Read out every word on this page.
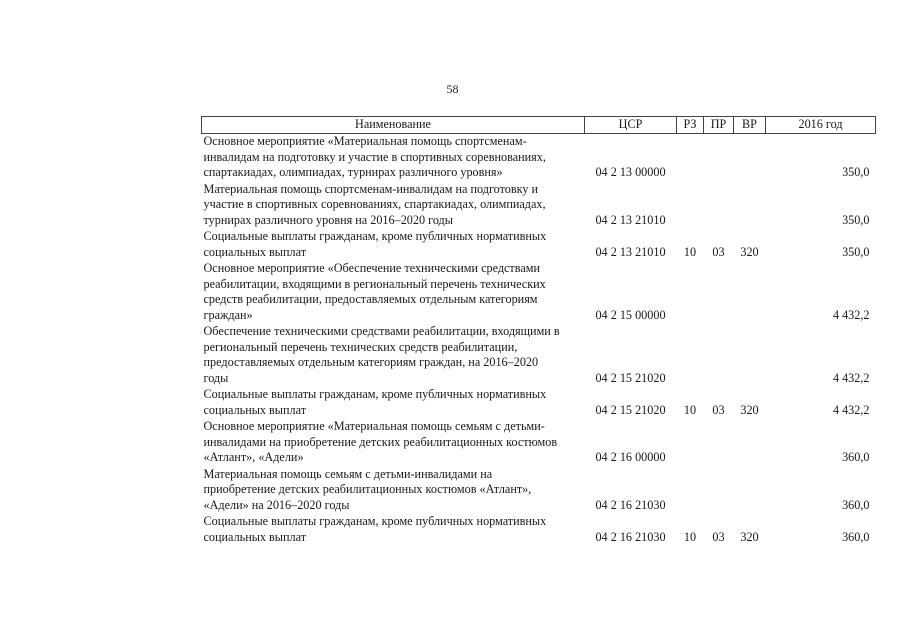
58
Наименование	ЦСР	РЗ	ПР	ВР	2016 год
Основное мероприятие «Материальная помощь спортсменам-инвалидам на подготовку и участие в спортивных соревнованиях, спартакиадах, олимпиадах, турнирах различного уровня»	04 2 13 00000				350,0
Материальная помощь спортсменам-инвалидам на подготовку и участие в спортивных соревнованиях, спартакиадах, олимпиадах, турнирах различного уровня на 2016–2020 годы	04 2 13 21010				350,0
Социальные выплаты гражданам, кроме публичных нормативных социальных выплат	04 2 13 21010	10	03	320	350,0
Основное мероприятие «Обеспечение техническими средствами реабилитации, входящими в региональный перечень технических средств реабилитации, предоставляемых отдельным категориям граждан»	04 2 15 00000				4 432,2
Обеспечение техническими средствами реабилитации, входящими в региональный перечень технических средств реабилитации, предоставляемых отдельным категориям граждан, на 2016–2020 годы	04 2 15 21020				4 432,2
Социальные выплаты гражданам, кроме публичных нормативных социальных выплат	04 2 15 21020	10	03	320	4 432,2
Основное мероприятие «Материальная помощь семьям с детьми-инвалидами на приобретение детских реабилитационных костюмов «Атлант», «Адели»	04 2 16 00000				360,0
Материальная помощь семьям с детьми-инвалидами на приобретение детских реабилитационных костюмов «Атлант», «Адели» на 2016–2020 годы	04 2 16 21030				360,0
Социальные выплаты гражданам, кроме публичных нормативных социальных выплат	04 2 16 21030	10	03	320	360,0
